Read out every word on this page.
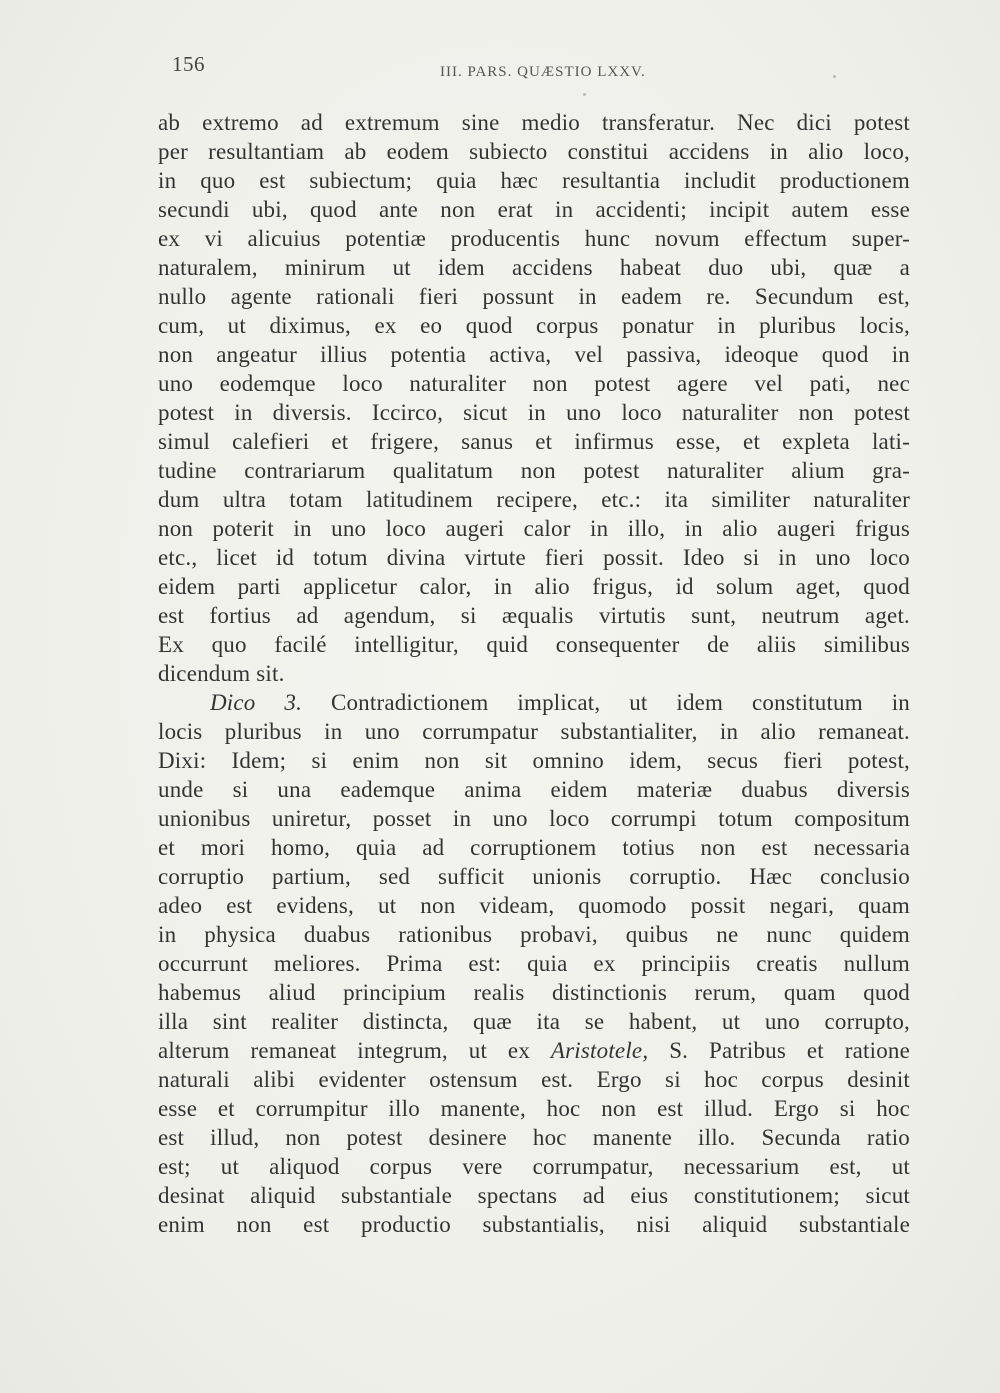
156	III. PARS. QUÆSTIO LXXV.
ab extremo ad extremum sine medio transferatur. Nec dici potest
per resultantiam ab eodem subiecto constitui accidens in alio loco,
in quo est subiectum; quia hæc resultantia includit productionem
secundi ubi, quod ante non erat in accidenti; incipit autem esse
ex vi alicuius potentiæ producentis hunc novum effectum super-
naturalem, minirum ut idem accidens habeat duo ubi, quæ a
nullo agente rationali fieri possunt in eadem re. Secundum est,
cum, ut diximus, ex eo quod corpus ponatur in pluribus locis,
non angeatur illius potentia activa, vel passiva, ideoque quod in
uno eodemque loco naturaliter non potest agere vel pati, nec
potest in diversis. Iccirco, sicut in uno loco naturaliter non potest
simul calefieri et frigere, sanus et infirmus esse, et expleta lati-
tudine contrariarum qualitatum non potest naturaliter alium gra-
dum ultra totam latitudinem recipere, etc.: ita similiter naturaliter
non poterit in uno loco augeri calor in illo, in alio augeri frigus
etc., licet id totum divina virtute fieri possit. Ideo si in uno loco
eidem parti applicetur calor, in alio frigus, id solum aget, quod
est fortius ad agendum, si æqualis virtutis sunt, neutrum aget.
Ex quo facilé intelligitur, quid consequenter de aliis similibus
dicendum sit.
Dico 3. Contradictionem implicat, ut idem constitutum in
locis pluribus in uno corrumpatur substantialiter, in alio remaneat.
Dixi: Idem; si enim non sit omnino idem, secus fieri potest,
unde si una eademque anima eidem materiæ duabus diversis
unionibus uniretur, posset in uno loco corrumpi totum compositum
et mori homo, quia ad corruptionem totius non est necessaria
corruptio partium, sed sufficit unionis corruptio. Hæc conclusio
adeo est evidens, ut non videam, quomodo possit negari, quam
in physica duabus rationibus probavi, quibus ne nunc quidem
occurrunt meliores. Prima est: quia ex principiis creatis nullum
habemus aliud principium realis distinctionis rerum, quam quod
illa sint realiter distincta, quæ ita se habent, ut uno corrupto,
alterum remaneat integrum, ut ex Aristotele, S. Patribus et ratione
naturali alibi evidenter ostensum est. Ergo si hoc corpus desinit
esse et corrumpitur illo manente, hoc non est illud. Ergo si hoc
est illud, non potest desinere hoc manente illo. Secunda ratio
est; ut aliquod corpus vere corrumpatur, necessarium est, ut
desinat aliquid substantiale spectans ad eius constitutionem; sicut
enim non est productio substantialis, nisi aliquid substantiale
